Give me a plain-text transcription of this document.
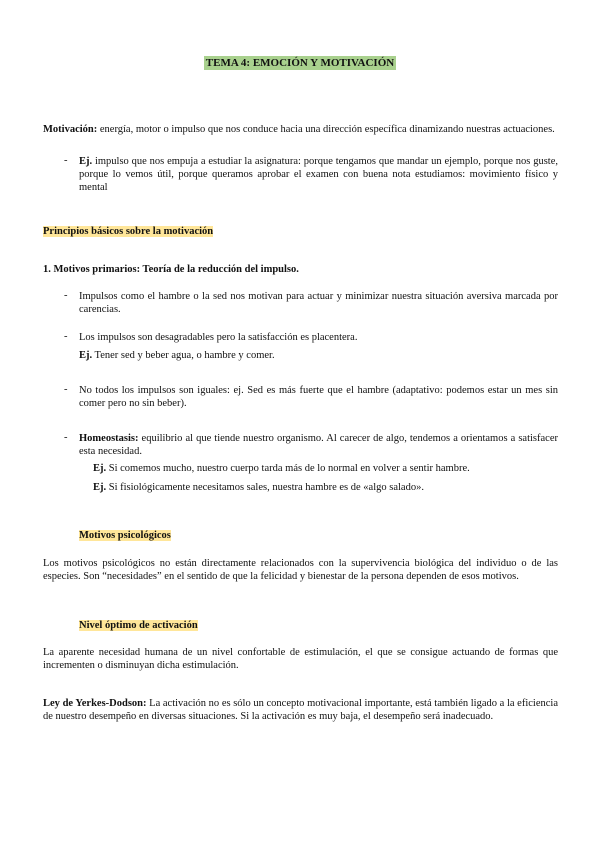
TEMA 4: EMOCIÓN Y MOTIVACIÓN
Motivación: energía, motor o impulso que nos conduce hacia una dirección específica dinamizando nuestras actuaciones.
-	Ej. impulso que nos empuja a estudiar la asignatura: porque tengamos que mandar un ejemplo, porque nos guste, porque lo vemos útil, porque queramos aprobar el examen con buena nota estudiamos: movimiento físico y mental
Principios básicos sobre la motivación
1. Motivos primarios: Teoría de la reducción del impulso.
-	Impulsos como el hambre o la sed nos motivan para actuar y minimizar nuestra situación aversiva marcada por carencias.
-	Los impulsos son desagradables pero la satisfacción es placentera.
Ej. Tener sed y beber agua, o hambre y comer.
-	No todos los impulsos son iguales: ej. Sed es más fuerte que el hambre (adaptativo: podemos estar un mes sin comer pero no sin beber).
-	Homeostasis: equilibrio al que tiende nuestro organismo. Al carecer de algo, tendemos a orientamos a satisfacer esta necesidad.
Ej. Si comemos mucho, nuestro cuerpo tarda más de lo normal en volver a sentir hambre.
Ej. Si fisiológicamente necesitamos sales, nuestra hambre es de «algo salado».
Motivos psicológicos
Los motivos psicológicos no están directamente relacionados con la supervivencia biológica del individuo o de las especies. Son “necesidades” en el sentido de que la felicidad y bienestar de la persona dependen de esos motivos.
Nivel óptimo de activación
La aparente necesidad humana de un nivel confortable de estimulación, el que se consigue actuando de formas que incrementen o disminuyan dicha estimulación.
Ley de Yerkes-Dodson: La activación no es sólo un concepto motivacional importante, está también ligado a la eficiencia de nuestro desempeño en diversas situaciones. Si la activación es muy baja, el desempeño será inadecuado.
